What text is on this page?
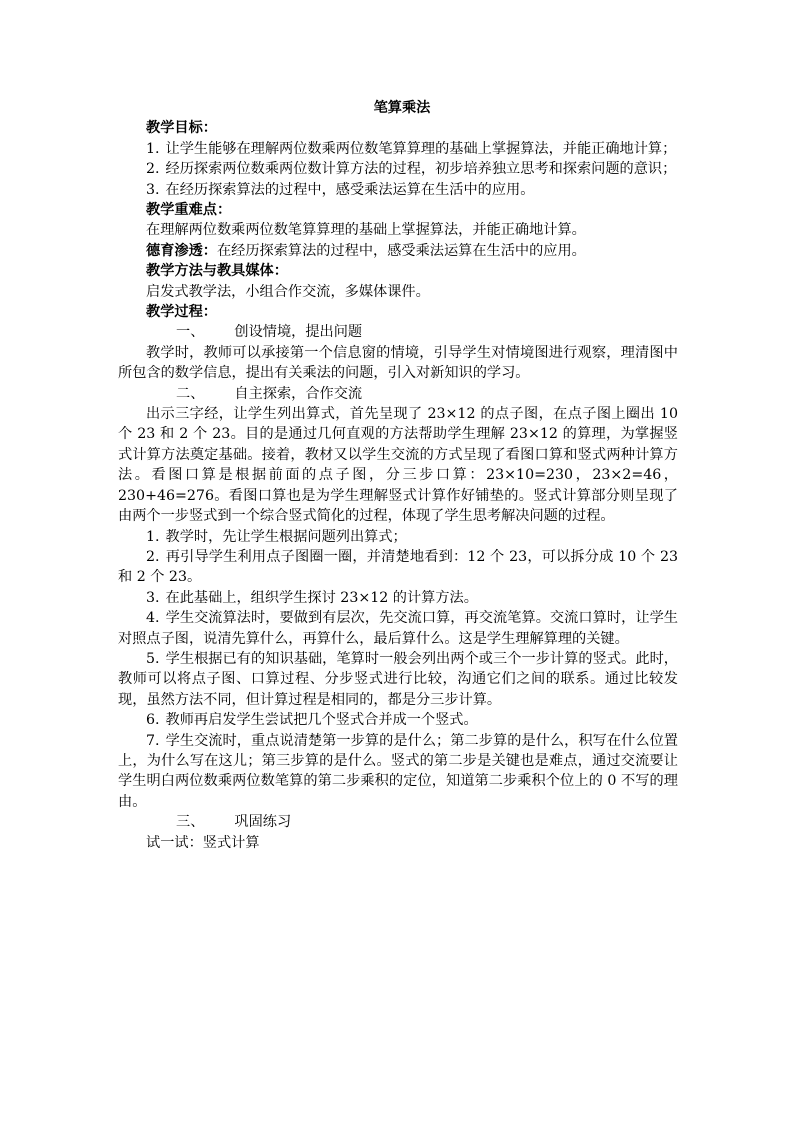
笔算乘法
教学目标：
1. 让学生能够在理解两位数乘两位数笔算算理的基础上掌握算法，并能正确地计算；
2. 经历探索两位数乘两位数计算方法的过程，初步培养独立思考和探索问题的意识；
3. 在经历探索算法的过程中，感受乘法运算在生活中的应用。
教学重难点：
在理解两位数乘两位数笔算算理的基础上掌握算法，并能正确地计算。
德育渗透：在经历探索算法的过程中，感受乘法运算在生活中的应用。
教学方法与教具媒体：
启发式教学法，小组合作交流，多媒体课件。
教学过程：
一、 创设情境，提出问题
教学时，教师可以承接第一个信息窗的情境，引导学生对情境图进行观察，理清图中所包含的数学信息，提出有关乘法的问题，引入对新知识的学习。
二、 自主探索，合作交流
出示三字经，让学生列出算式，首先呈现了 23×12 的点子图，在点子图上圈出 10 个 23 和 2 个 23。目的是通过几何直观的方法帮助学生理解 23×12 的算理，为掌握竖式计算方法奠定基础。接着，教材又以学生交流的方式呈现了看图口算和竖式两种计算方法。看图口算是根据前面的点子图，分三步口算：23×10=230，23×2=46，230+46=276。看图口算也是为学生理解竖式计算作好铺垫的。竖式计算部分则呈现了由两个一步竖式到一个综合竖式简化的过程，体现了学生思考解决问题的过程。
1. 教学时，先让学生根据问题列出算式；
2. 再引导学生利用点子图圈一圈，并清楚地看到：12 个 23，可以拆分成 10 个 23 和 2 个 23。
3. 在此基础上，组织学生探讨 23×12 的计算方法。
4. 学生交流算法时，要做到有层次，先交流口算，再交流笔算。交流口算时，让学生对照点子图，说清先算什么，再算什么，最后算什么。这是学生理解算理的关键。
5. 学生根据已有的知识基础，笔算时一般会列出两个或三个一步计算的竖式。此时，教师可以将点子图、口算过程、分步竖式进行比较，沟通它们之间的联系。通过比较发现，虽然方法不同，但计算过程是相同的，都是分三步计算。
6. 教师再启发学生尝试把几个竖式合并成一个竖式。
7. 学生交流时，重点说清楚第一步算的是什么；第二步算的是什么，积写在什么位置上，为什么写在这儿；第三步算的是什么。竖式的第二步是关键也是难点，通过交流要让学生明白两位数乘两位数笔算的第二步乘积的定位，知道第二步乘积个位上的 0 不写的理由。
三、 巩固练习
试一试：竖式计算
